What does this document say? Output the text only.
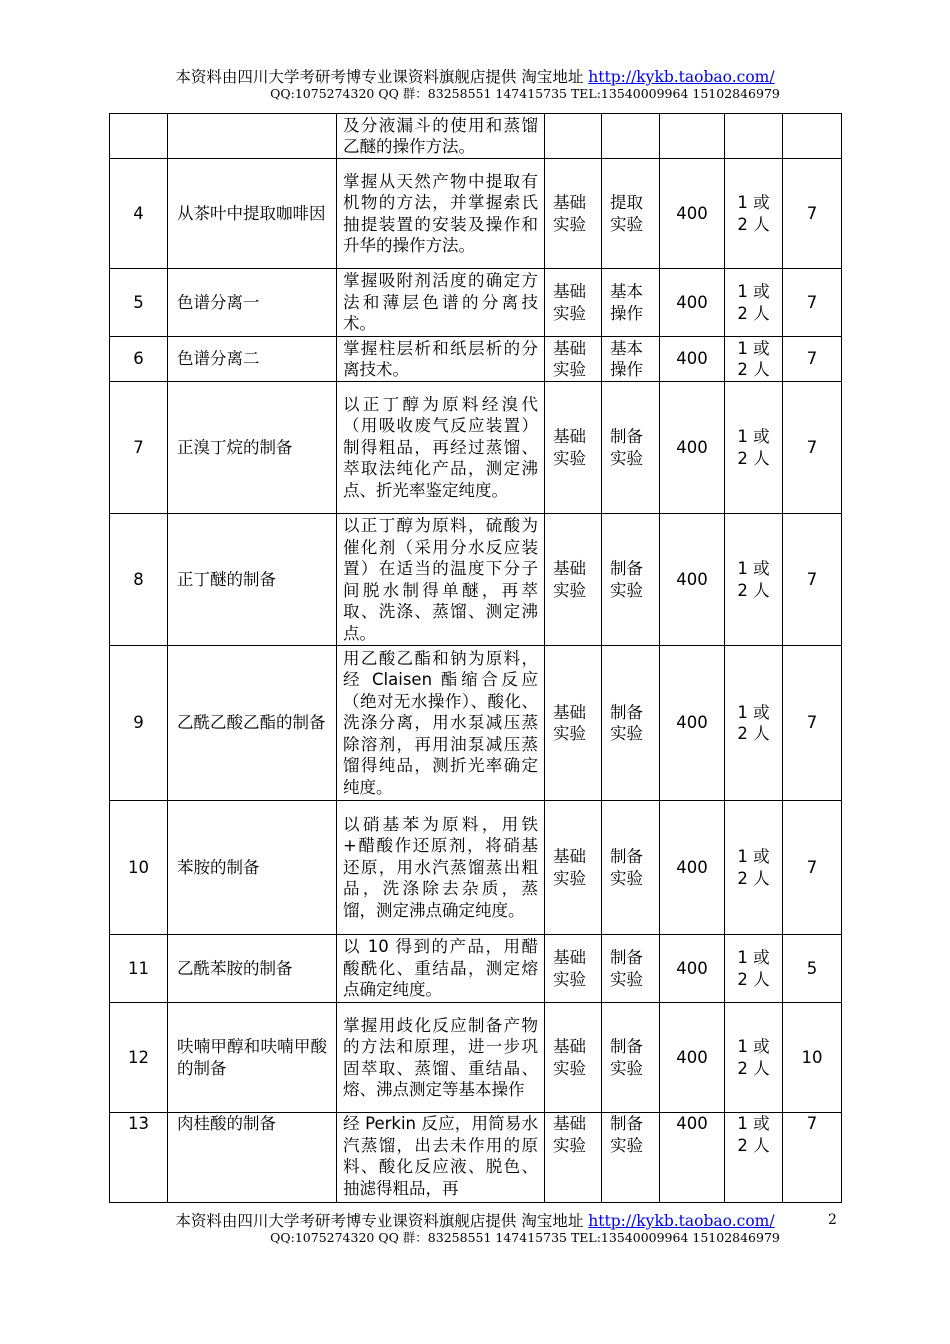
本资料由四川大学考研考博专业课资料旗舰店提供 淘宝地址 http://kykb.taobao.com/
QQ:1075274320 QQ 群：83258551 147415735 TEL:13540009964 15102846979
		及分液漏斗的使用和蒸馏乙醚的操作方法。					
4	从茶叶中提取咖啡因	掌握从天然产物中提取有机物的方法，并掌握索氏抽提装置的安装及操作和升华的操作方法。	基础实验	提取实验	400	1 或
2 人	7
5	色谱分离一	掌握吸附剂活度的确定方法和薄层色谱的分离技术。	基础实验	基本操作	400	1 或
2 人	7
6	色谱分离二	掌握柱层析和纸层析的分离技术。	基础实验	基本操作	400	1 或
2 人	7
7	正溴丁烷的制备	以正丁醇为原料经溴代（用吸收废气反应装置）制得粗品，再经过蒸馏、萃取法纯化产品，测定沸点、折光率鉴定纯度。	基础实验	制备实验	400	1 或
2 人	7
8	正丁醚的制备	以正丁醇为原料，硫酸为催化剂（采用分水反应装置）在适当的温度下分子间脱水制得单醚，再萃取、洗涤、蒸馏、测定沸点。	基础实验	制备实验	400	1 或
2 人	7
9	乙酰乙酸乙酯的制备	用乙酸乙酯和钠为原料，经 Claisen 酯缩合反应（绝对无水操作）、酸化、洗涤分离，用水泵减压蒸除溶剂，再用油泵减压蒸馏得纯品，测折光率确定纯度。	基础实验	制备实验	400	1 或
2 人	7
10	苯胺的制备	以硝基苯为原料，用铁+醋酸作还原剂，将硝基还原，用水汽蒸馏蒸出粗品，洗涤除去杂质，蒸馏，测定沸点确定纯度。	基础实验	制备实验	400	1 或
2 人	7
11	乙酰苯胺的制备	以 10 得到的产品，用醋酸酰化、重结晶，测定熔点确定纯度。	基础实验	制备实验	400	1 或
2 人	5
12	呋喃甲醇和呋喃甲酸的制备	掌握用歧化反应制备产物的方法和原理，进一步巩固萃取、蒸馏、重结晶、熔、沸点测定等基本操作	基础实验	制备实验	400	1 或
2 人	10
13	肉桂酸的制备	经 Perkin 反应，用简易水汽蒸馏，出去未作用的原料、酸化反应液、脱色、抽滤得粗品，再	基础实验	制备实验	400	1 或
2 人	7
本资料由四川大学考研考博专业课资料旗舰店提供 淘宝地址 http://kykb.taobao.com/
QQ:1075274320 QQ 群：83258551 147415735 TEL:13540009964 15102846979
2
